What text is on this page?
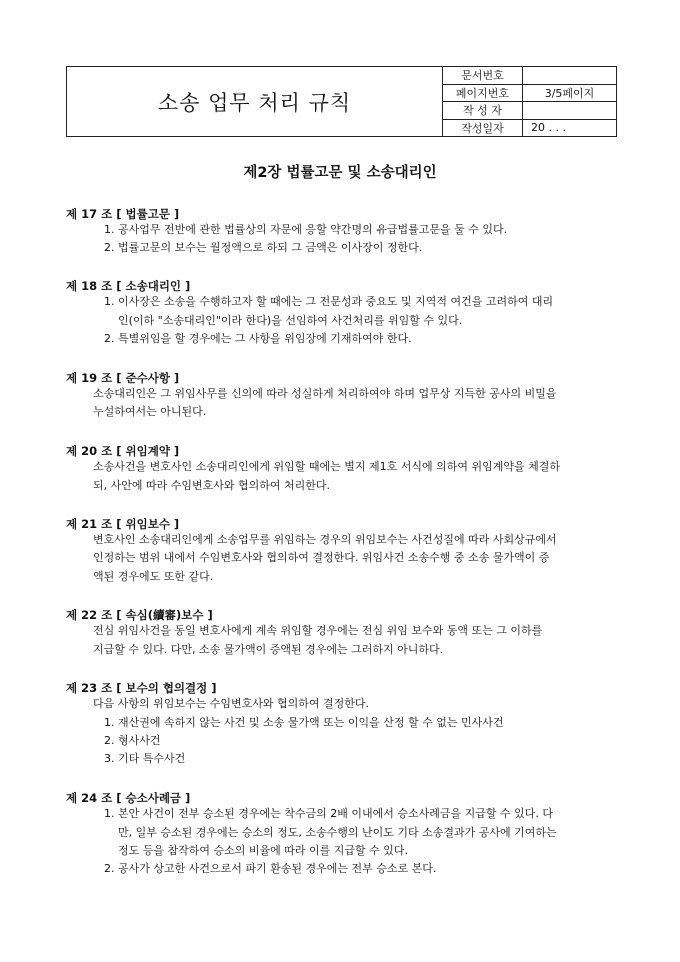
소송 업무 처리 규칙	문서번호	
	페이지번호	3/5페이지
	작 성 자	
	작성일자	20 . . .
제2장 법률고문 및 소송대리인
제 17 조 [ 법률고문 ]
1. 공사업무 전반에 관한 법률상의 자문에 응할 약간명의 유급법률고문을 둘 수 있다.
2. 법률고문의 보수는 월정액으로 하되 그 금액은 이사장이 정한다.
제 18 조 [ 소송대리인 ]
1. 이사장은 소송을 수행하고자 할 때에는 그 전문성과 중요도 및 지역적 여건을 고려하여 대리
인(이하 "소송대리인"이라 한다)을 선임하여 사건처리를 위임할 수 있다.
2. 특별위임을 할 경우에는 그 사항을 위임장에 기재하여야 한다.
제 19 조 [ 준수사항 ]
소송대리인은 그 위임사무를 신의에 따라 성실하게 처리하여야 하며 업무상 지득한 공사의 비밀을
누설하여서는 아니된다.
제 20 조 [ 위임계약 ]
소송사건을 변호사인 소송대리인에게 위임할 때에는 별지 제1호 서식에 의하여 위임계약을 체결하
되, 사안에 따라 수임변호사와 협의하여 처리한다.
제 21 조 [ 위임보수 ]
변호사인 소송대리인에게 소송업무를 위임하는 경우의 위임보수는 사건성질에 따라 사회상규에서
인정하는 범위 내에서 수임변호사와 협의하여 결정한다. 위임사건 소송수행 중 소송 물가액이 증
액된 경우에도 또한 같다.
제 22 조 [ 속심(續審)보수 ]
전심 위임사건을 동일 변호사에게 계속 위임할 경우에는 전심 위임 보수와 동액 또는 그 이하를
지급할 수 있다. 다만, 소송 물가액이 증액된 경우에는 그러하지 아니하다.
제 23 조 [ 보수의 협의결정 ]
다음 사항의 위임보수는 수임변호사와 협의하여 결정한다.
1. 재산권에 속하지 않는 사건 및 소송 물가액 또는 이익을 산정 할 수 없는 민사사건
2. 형사사건
3. 기타 특수사건
제 24 조 [ 승소사례금 ]
1. 본안 사건이 전부 승소된 경우에는 착수금의 2배 이내에서 승소사례금을 지급할 수 있다. 다
만, 일부 승소된 경우에는 승소의 정도, 소송수행의 난이도 기타 소송결과가 공사에 기여하는
정도 등을 참작하여 승소의 비율에 따라 이를 지급할 수 있다.
2. 공사가 상고한 사건으로서 파기 환송된 경우에는 전부 승소로 본다.
